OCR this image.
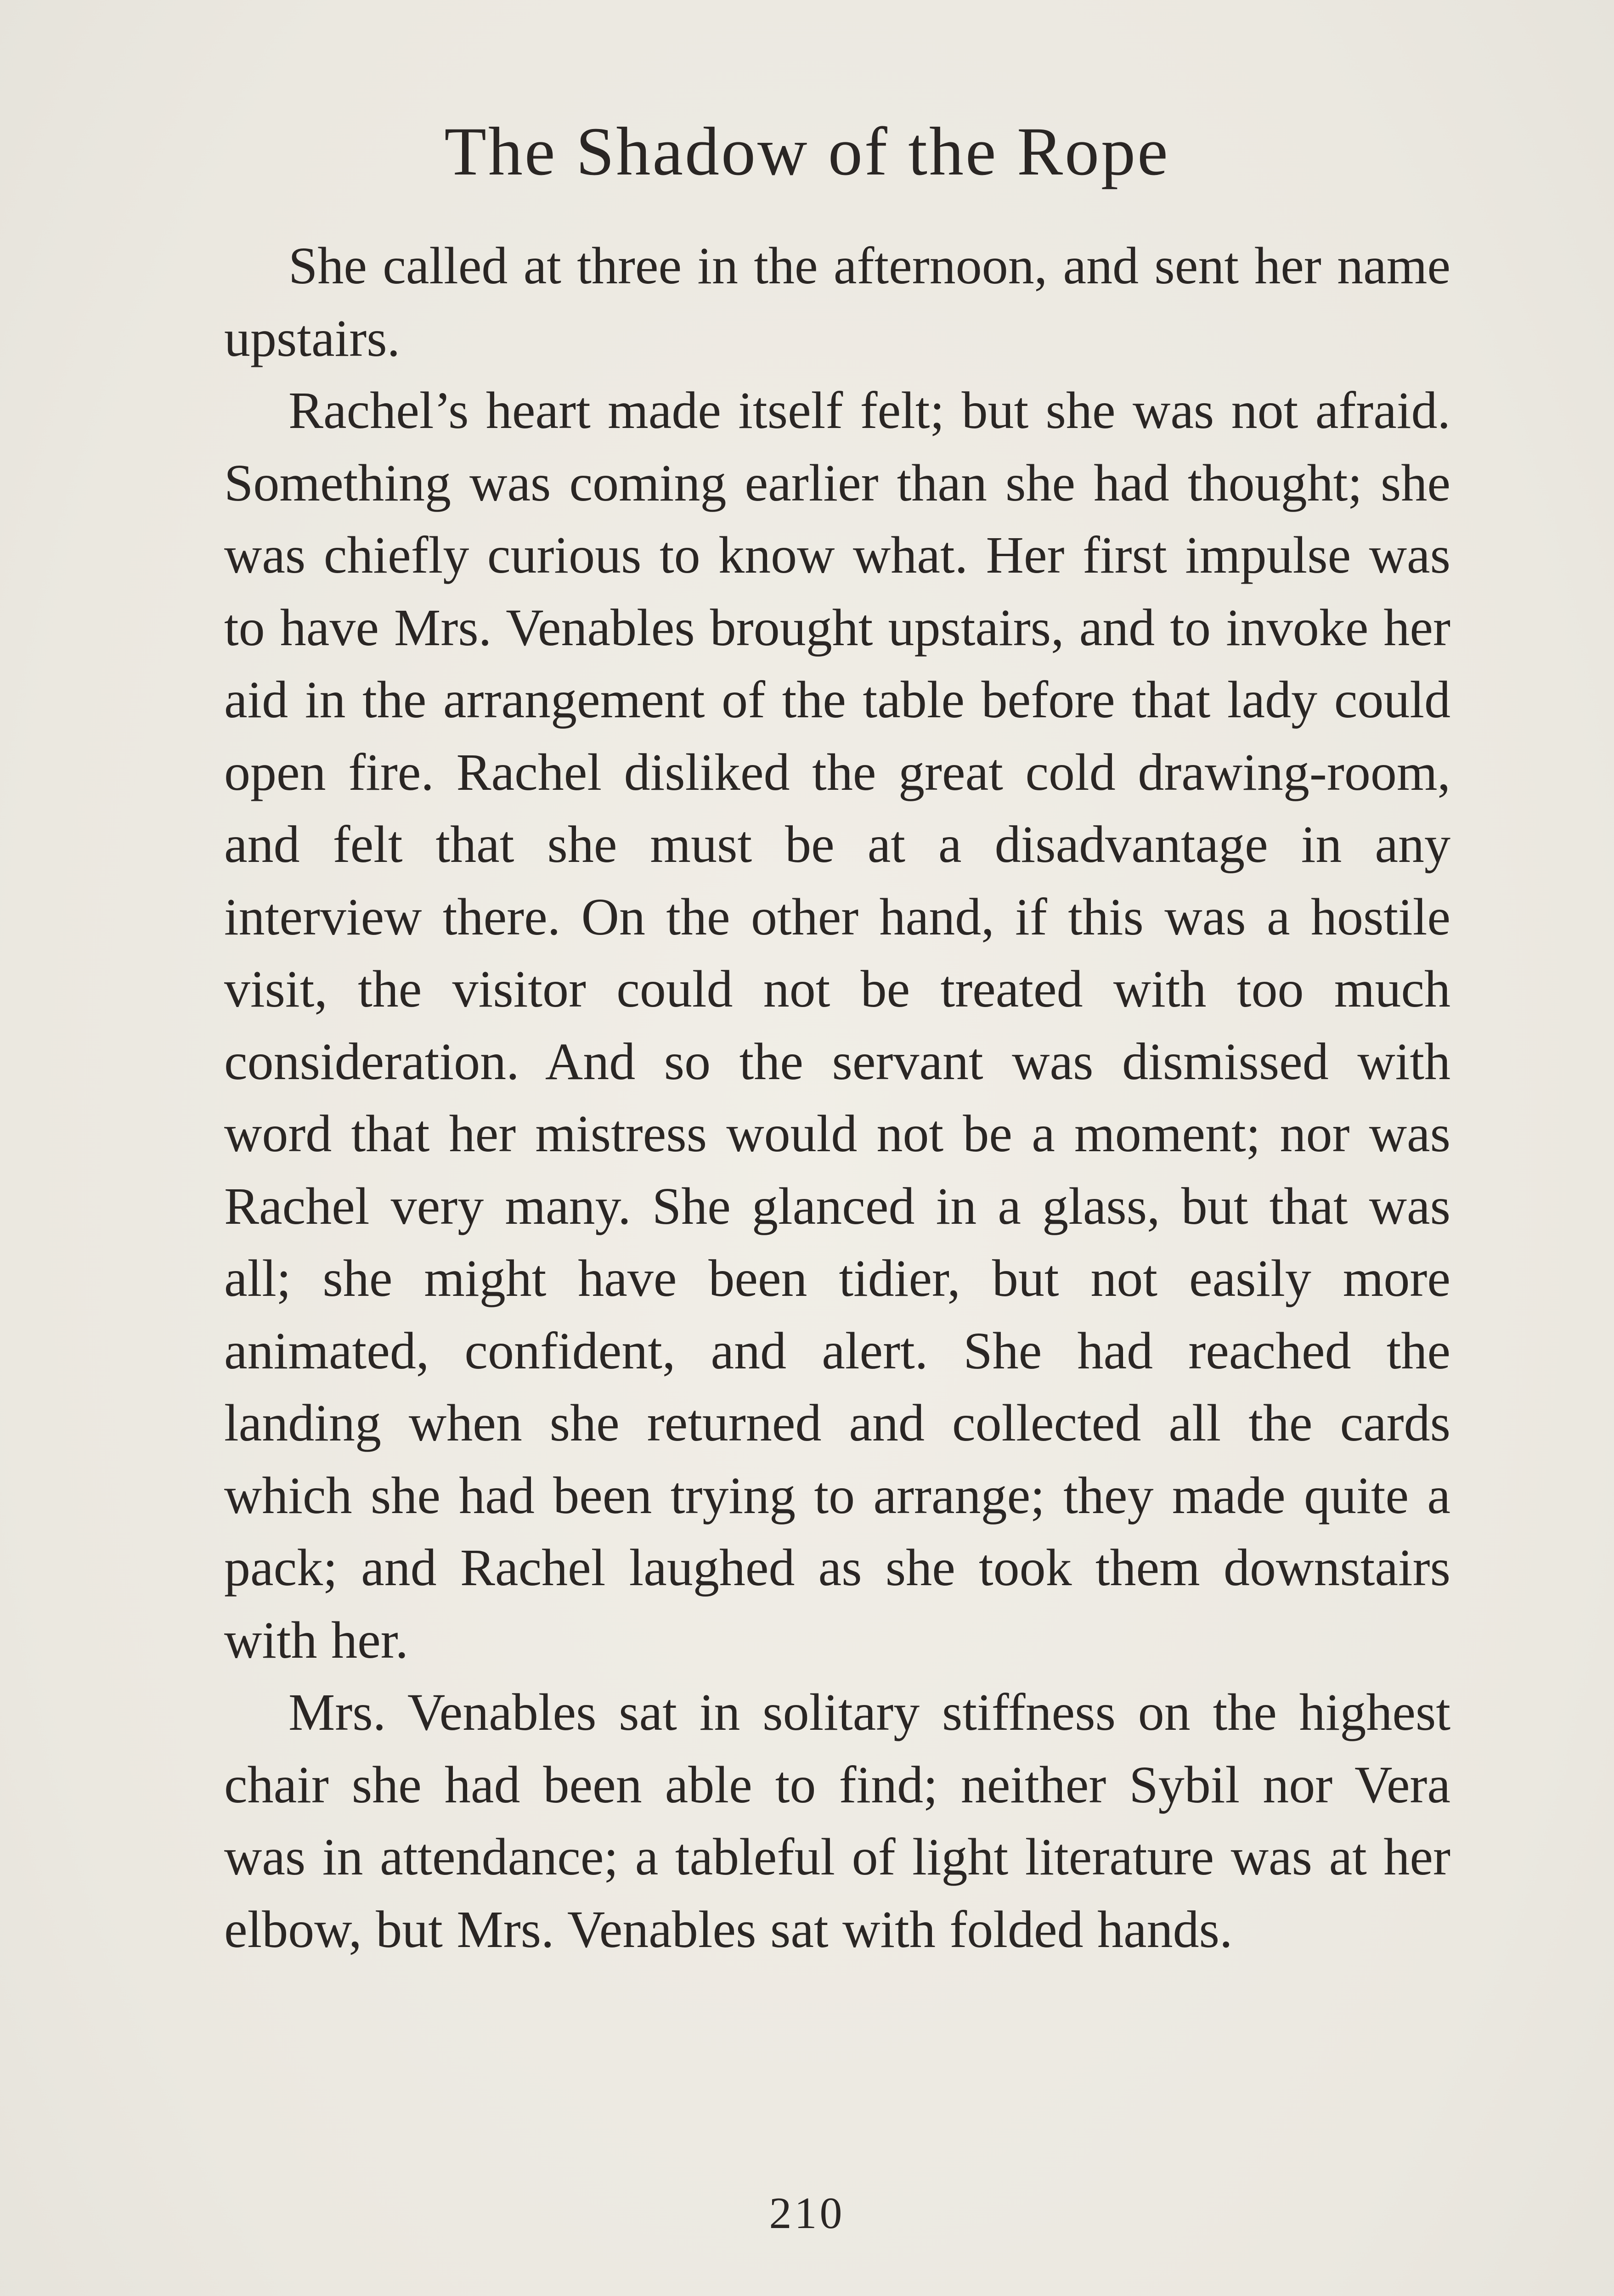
The Shadow of the Rope

She called at three in the afternoon, and sent her name upstairs.

Rachel’s heart made itself felt; but she was not afraid. Something was coming earlier than she had thought; she was chiefly curious to know what. Her first impulse was to have Mrs. Venables brought upstairs, and to invoke her aid in the arrangement of the table before that lady could open fire. Rachel disliked the great cold drawing-room, and felt that she must be at a disadvantage in any interview there. On the other hand, if this was a hostile visit, the visitor could not be treated with too much consideration. And so the servant was dismissed with word that her mistress would not be a moment; nor was Rachel very many. She glanced in a glass, but that was all; she might have been tidier, but not easily more animated, confident, and alert. She had reached the landing when she returned and collected all the cards which she had been trying to arrange; they made quite a pack; and Rachel laughed as she took them downstairs with her.

Mrs. Venables sat in solitary stiffness on the highest chair she had been able to find; neither Sybil nor Vera was in attendance; a tableful of light literature was at her elbow, but Mrs. Venables sat with folded hands.

210
